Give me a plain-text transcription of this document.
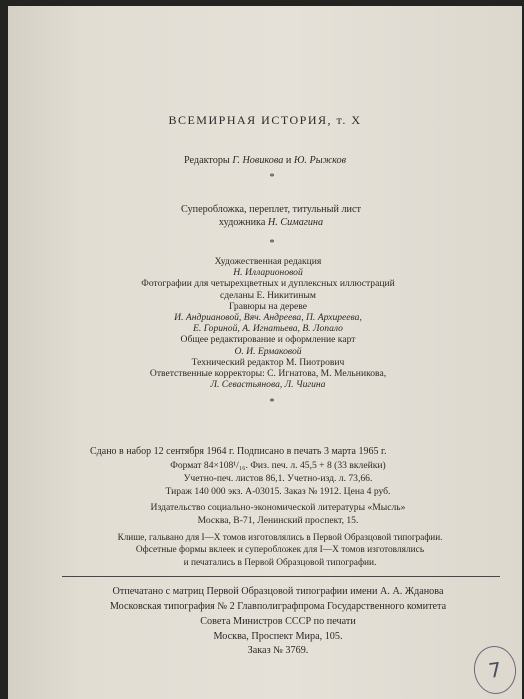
ВСЕМИРНАЯ ИСТОРИЯ, т. X
Редакторы Г. Новикова и Ю. Рыжков
*
Суперобложка, переплет, титульный лист
художника Н. Симагина
*
Художественная редакция
Н. Илларионовой
Фотографии для четырехцветных и дуплексных иллюстраций
сделаны Е. Никитиным
Гравюры на дереве
И. Андриановой, Вяч. Андреева, П. Архиреева,
Е. Гориной, А. Игнатьева, В. Лопало
Общее редактирование и оформление карт
О. И. Ермаковой
Технический редактор М. Пиотрович
Ответственные корректоры: С. Игнатова, М. Мельникова,
Л. Севастьянова, Л. Чигина
*
Сдано в набор 12 сентября 1964 г. Подписано в печать 3 марта 1965 г.
Формат 84×108¹/₁₆. Физ. печ. л. 45,5 + 8 (33 вклейки)
Учетно-печ. листов 86,1. Учетно-изд. л. 73,66.
Тираж 140 000 экз. А-03015. Заказ № 1912. Цена 4 руб.
Издательство социально-экономической литературы «Мысль»
Москва, В-71, Ленинский проспект, 15.
Клише, гальвано для I—X томов изготовлялись в Первой Образцовой типографии.
Офсетные формы вклеек и суперобложек для I—X томов изготовлялись
и печатались в Первой Образцовой типографии.
Отпечатано с матриц Первой Образцовой типографии имени А. А. Жданова
Московская типография № 2 Главполиграфпрома Государственного комитета
Совета Министров СССР по печати
Москва, Проспект Мира, 105.
Заказ № 3769.
7
